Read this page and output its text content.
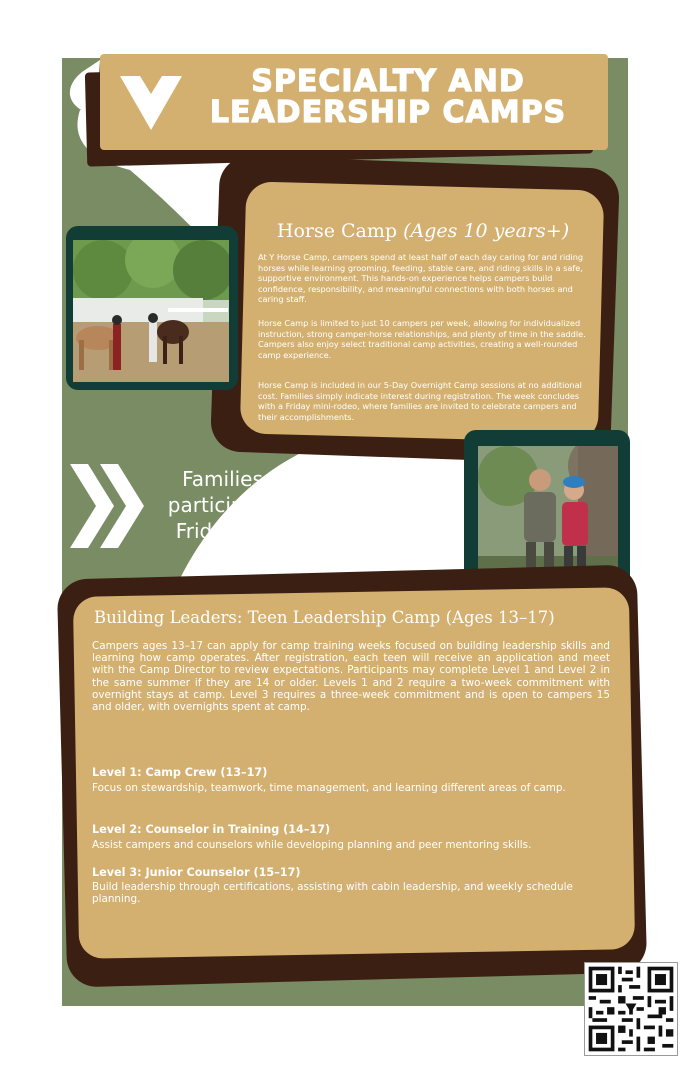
SPECIALTY AND
LEADERSHIP CAMPS
Horse Camp (Ages 10 years+)
At Y Horse Camp, campers spend at least half of each day caring for and riding horses while learning grooming, feeding, stable care, and riding skills in a safe, supportive environment. This hands-on experience helps campers build confidence, responsibility, and meaningful connections with both horses and caring staff.
Horse Camp is limited to just 10 campers per week, allowing for individualized instruction, strong camper-horse relationships, and plenty of time in the saddle. Campers also enjoy select traditional camp activities, creating a well-rounded camp experience.
Horse Camp is included in our 5-Day Overnight Camp sessions at no additional cost. Families simply indicate interest during registration. The week concludes with a Friday mini-rodeo, where families are invited to celebrate campers and their accomplishments.
Families of Horse Camp
participants can join us on
Fridays for a Mini-Rodeo!
Building Leaders: Teen Leadership Camp (Ages 13–17)
Campers ages 13–17 can apply for camp training weeks focused on building leadership skills and learning how camp operates. After registration, each teen will receive an application and meet with the Camp Director to review expectations. Participants may complete Level 1 and Level 2 in the same summer if they are 14 or older. Levels 1 and 2 require a two-week commitment with overnight stays at camp. Level 3 requires a three-week commitment and is open to campers 15 and older, with overnights spent at camp.
Level 1: Camp Crew (13–17)
Focus on stewardship, teamwork, time management, and learning different areas of camp.
Level 2: Counselor in Training (14–17)
Assist campers and counselors while developing planning and peer mentoring skills.
Level 3: Junior Counselor (15–17)
Build leadership through certifications, assisting with cabin leadership, and weekly schedule planning.
